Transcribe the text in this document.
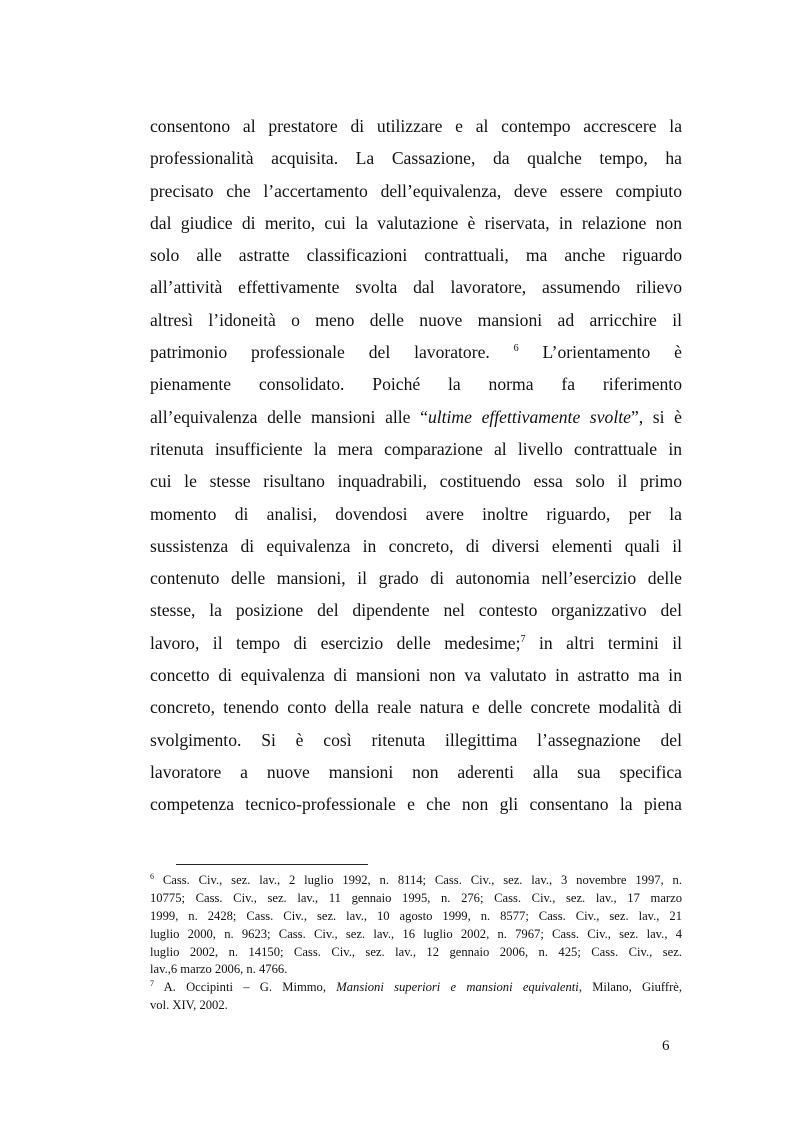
consentono al prestatore di utilizzare e al contempo accrescere la
professionalità acquisita. La Cassazione, da qualche tempo, ha
precisato che l’accertamento dell’equivalenza, deve essere compiuto
dal giudice di merito, cui la valutazione è riservata, in relazione non
solo alle astratte classificazioni contrattuali, ma anche riguardo
all’attività effettivamente svolta dal lavoratore, assumendo rilievo
altresì l’idoneità o meno delle nuove mansioni ad arricchire il
patrimonio professionale del lavoratore. $^6$ L’orientamento è
pienamente consolidato. Poiché la norma fa riferimento
all’equivalenza delle mansioni alle “ultime effettivamente svolte”, si è
ritenuta insufficiente la mera comparazione al livello contrattuale in
cui le stesse risultano inquadrabili, costituendo essa solo il primo
momento di analisi, dovendosi avere inoltre riguardo, per la
sussistenza di equivalenza in concreto, di diversi elementi quali il
contenuto delle mansioni, il grado di autonomia nell’esercizio delle
stesse, la posizione del dipendente nel contesto organizzativo del
lavoro, il tempo di esercizio delle medesime;$^7$ in altri termini il
concetto di equivalenza di mansioni non va valutato in astratto ma in
concreto, tenendo conto della reale natura e delle concrete modalità di
svolgimento. Si è così ritenuta illegittima l’assegnazione del
lavoratore a nuove mansioni non aderenti alla sua specifica
competenza tecnico-professionale e che non gli consentano la piena
$^6$ Cass. Civ., sez. lav., 2 luglio 1992, n. 8114; Cass. Civ., sez. lav., 3 novembre 1997, n.
10775; Cass. Civ., sez. lav., 11 gennaio 1995, n. 276; Cass. Civ., sez. lav., 17 marzo
1999, n. 2428; Cass. Civ., sez. lav., 10 agosto 1999, n. 8577; Cass. Civ., sez. lav., 21
luglio 2000, n. 9623; Cass. Civ., sez. lav., 16 luglio 2002, n. 7967; Cass. Civ., sez. lav., 4
luglio 2002, n. 14150; Cass. Civ., sez. lav., 12 gennaio 2006, n. 425; Cass. Civ., sez.
lav.,6 marzo 2006, n. 4766.
$^7$ A. Occipinti – G. Mimmo, Mansioni superiori e mansioni equivalenti, Milano, Giuffrè,
vol. XIV, 2002.
6
